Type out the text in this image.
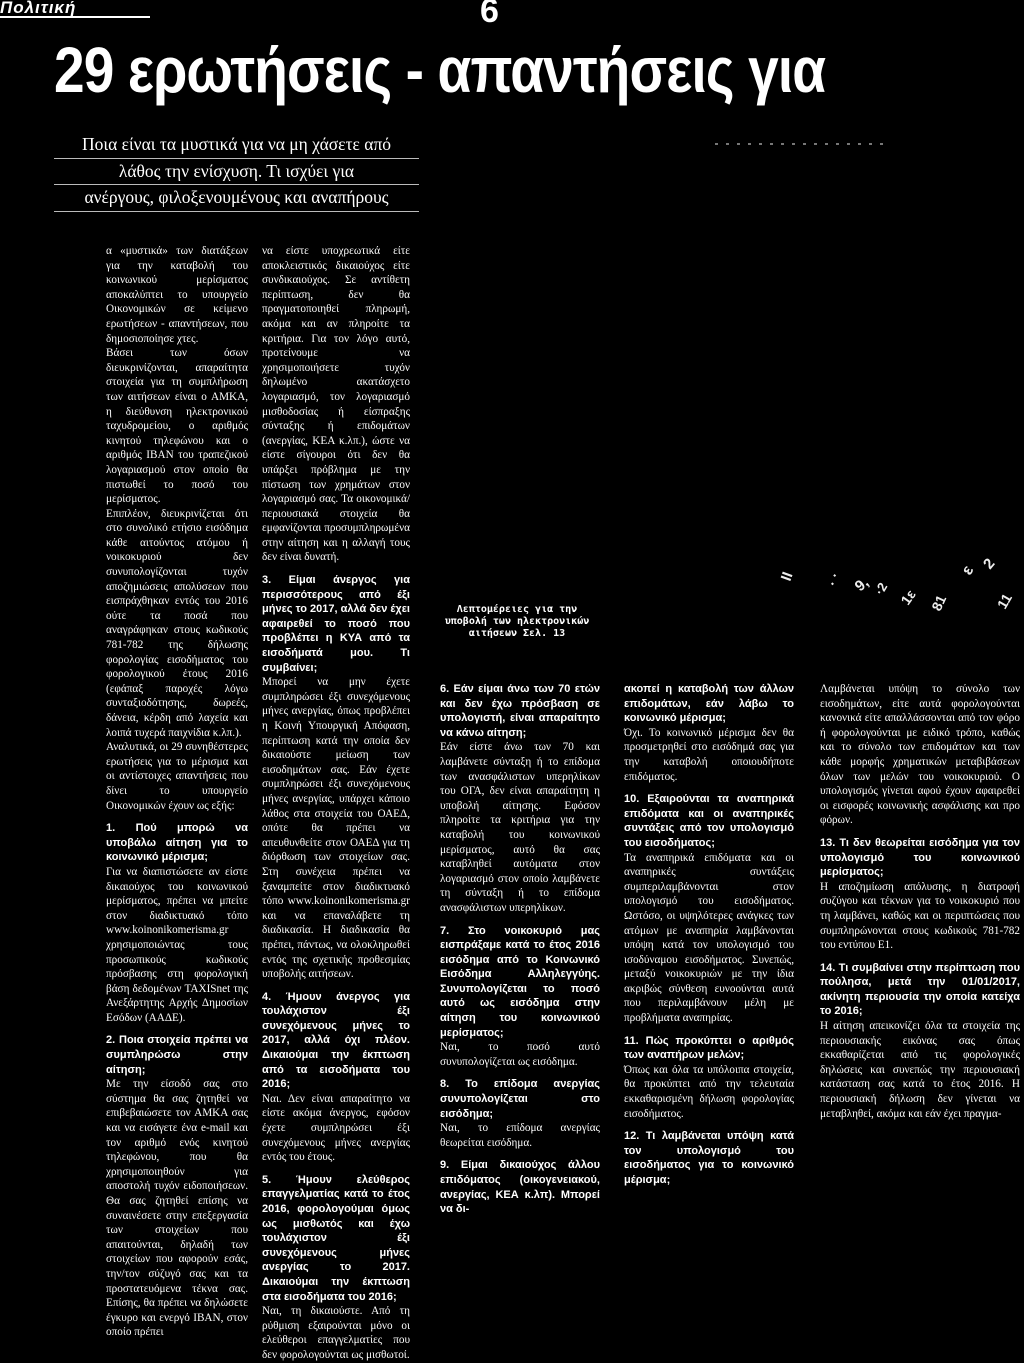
Πολιτική	6
29 ερωτήσεις - απαντήσεις για
Ποια είναι τα μυστικά για να μη χάσετε από
λάθος την ενίσχυση. Τι ισχύει για
ανέργους, φιλοξενουμένους και αναπήρους
ΙΙ . · 9, ·2 1ε 81
ε 2
11
Λεπτομέρειες για την υποβολή των ηλεκτρονικών αιτήσεων Σελ. 13

α «μυστικά» των διατάξεων για την καταβολή του κοινωνικού μερίσματος αποκαλύπτει το υπουργείο Οικονομικών σε κείμενο ερωτήσεων - απαντήσεων, που δημοσιοποίησε χτες.

Βάσει των όσων διευκρινίζονται, απαραίτητα στοιχεία για τη συμπλήρωση των αιτήσεων είναι ο ΑΜΚΑ, η διεύθυνση ηλεκτρονικού ταχυδρομείου, ο αριθμός κινητού τηλεφώνου και ο αριθμός IBAN του τραπεζικού λογαριασμού στον οποίο θα πιστωθεί το ποσό του μερίσματος.

Επιπλέον, διευκρινίζεται ότι στο συνολικό ετήσιο εισόδημα κάθε αιτούντος ατόμου ή νοικοκυριού δεν συνυπολογίζονται τυχόν αποζημιώσεις απολύσεων που εισπράχθηκαν εντός του 2016 ούτε τα ποσά που αναγράφηκαν στους κωδικούς 781-782 της δήλωσης φορολογίας εισοδήματος του φορολογικού έτους 2016 (εφάπαξ παροχές λόγω συνταξιοδότησης, δωρεές, δάνεια, κέρδη από λαχεία και λοιπά τυχερά παιχνίδια κ.λπ.).

Αναλυτικά, οι 29 συνηθέστερες ερωτήσεις για το μέρισμα και οι αντίστοιχες απαντήσεις που δίνει το υπουργείο Οικονομικών έχουν ως εξής:

1. Πού μπορώ να υποβάλω αίτηση για το κοινωνικό μέρισμα;

Για να διαπιστώσετε αν είστε δικαιούχος του κοινωνικού μερίσματος, πρέπει να μπείτε στον διαδικτυακό τόπο www.koinonikomerisma.gr χρησιμοποιώντας τους προσωπικούς κωδικούς πρόσβασης στη φορολογική βάση δεδομένων TAXISnet της Ανεξάρτητης Αρχής Δημοσίων Εσόδων (ΑΑΔΕ).

2. Ποια στοιχεία πρέπει να συμπληρώσω στην αίτηση;

Με την είσοδό σας στο σύστημα θα σας ζητηθεί να επιβεβαιώσετε τον ΑΜΚΑ σας και να εισάγετε ένα e-mail και τον αριθμό ενός κινητού τηλεφώνου, που θα χρησιμοποιηθούν για αποστολή τυχόν ειδοποιήσεων. Θα σας ζητηθεί επίσης να συναινέσετε στην επεξεργασία των στοιχείων που απαιτούνται, δηλαδή των στοιχείων που αφορούν εσάς, την/τον σύζυγό σας και τα προστατευόμενα τέκνα σας. Επίσης, θα πρέπει να δηλώσετε έγκυρο και ενεργό IBAN, στον οποίο πρέπει

να είστε υποχρεωτικά είτε αποκλειστικός δικαιούχος είτε συνδικαιούχος. Σε αντίθετη περίπτωση, δεν θα πραγματοποιηθεί πληρωμή, ακόμα και αν πληροίτε τα κριτήρια. Για τον λόγο αυτό, προτείνουμε να χρησιμοποιήσετε τυχόν δηλωμένο ακατάσχετο λογαριασμό, τον λογαριασμό μισθοδοσίας ή είσπραξης σύνταξης ή επιδομάτων (ανεργίας, ΚΕΑ κ.λπ.), ώστε να είστε σίγουροι ότι δεν θα υπάρξει πρόβλημα με την πίστωση των χρημάτων στον λογαριασμό σας. Τα οικονομικά/περιουσιακά στοιχεία θα εμφανίζονται προσυμπληρωμένα στην αίτηση και η αλλαγή τους δεν είναι δυνατή.

3. Είμαι άνεργος για περισσότερους από έξι μήνες το 2017, αλλά δεν έχει αφαιρεθεί το ποσό που προβλέπει η ΚΥΑ από τα εισοδήματά μου. Τι συμβαίνει;

Μπορεί να μην έχετε συμπληρώσει έξι συνεχόμενους μήνες ανεργίας, όπως προβλέπει η Κοινή Υπουργική Απόφαση, περίπτωση κατά την οποία δεν δικαιούστε μείωση των εισοδημάτων σας. Εάν έχετε συμπληρώσει έξι συνεχόμενους μήνες ανεργίας, υπάρχει κάποιο λάθος στα στοιχεία του ΟΑΕΔ, οπότε θα πρέπει να απευθυνθείτε στον ΟΑΕΔ για τη διόρθωση των στοιχείων σας. Στη συνέχεια πρέπει να ξαναμπείτε στον διαδικτυακό τόπο www.koinonikomerisma.gr και να επαναλάβετε τη διαδικασία. Η διαδικασία θα πρέπει, πάντως, να ολοκληρωθεί εντός της σχετικής προθεσμίας υποβολής αιτήσεων.

4. Ήμουν άνεργος για τουλάχιστον έξι συνεχόμενους μήνες το 2017, αλλά όχι πλέον. Δικαιούμαι την έκπτωση από τα εισοδήματα του 2016;

Ναι. Δεν είναι απαραίτητο να είστε ακόμα άνεργος, εφόσον έχετε συμπληρώσει έξι συνεχόμενους μήνες ανεργίας εντός του έτους.

5. Ήμουν ελεύθερος επαγγελματίας κατά το έτος 2016, φορολογούμαι όμως ως μισθωτός και έχω τουλάχιστον έξι συνεχόμενους μήνες ανεργίας το 2017. Δικαιούμαι την έκπτωση στα εισοδήματα του 2016;

Ναι, τη δικαιούστε. Από τη ρύθμιση εξαιρούνται μόνο οι ελεύθεροι επαγγελματίες που δεν φορολογούνται ως μισθωτοί.

6. Εάν είμαι άνω των 70 ετών και δεν έχω πρόσβαση σε υπολογιστή, είναι απαραίτητο να κάνω αίτηση;

Εάν είστε άνω των 70 και λαμβάνετε σύνταξη ή το επίδομα των ανασφάλιστων υπερηλίκων του ΟΓΑ, δεν είναι απαραίτητη η υποβολή αίτησης. Εφόσον πληροίτε τα κριτήρια για την καταβολή του κοινωνικού μερίσματος, αυτό θα σας καταβληθεί αυτόματα στον λογαριασμό στον οποίο λαμβάνετε τη σύνταξη ή το επίδομα ανασφάλιστων υπερηλίκων.

7. Στο νοικοκυριό μας εισπράξαμε κατά το έτος 2016 εισόδημα από το Κοινωνικό Εισόδημα Αλληλεγγύης. Συνυπολογίζεται το ποσό αυτό ως εισόδημα στην αίτηση του κοινωνικού μερίσματος;

Ναι, το ποσό αυτό συνυπολογίζεται ως εισόδημα.

8. Το επίδομα ανεργίας συνυπολογίζεται στο εισόδημα;

Ναι, το επίδομα ανεργίας θεωρείται εισόδημα.

9. Είμαι δικαιούχος άλλου επιδόματος (οικογενειακού, ανεργίας, ΚΕΑ κ.λπ). Μπορεί να δι-

ακοπεί η καταβολή των άλλων επιδομάτων, εάν λάβω το κοινωνικό μέρισμα;

Όχι. Το κοινωνικό μέρισμα δεν θα προσμετρηθεί στο εισόδημά σας για την καταβολή οποιουδήποτε επιδόματος.

10. Εξαιρούνται τα αναπηρικά επιδόματα και οι αναπηρικές συντάξεις από τον υπολογισμό του εισοδήματος;

Τα αναπηρικά επιδόματα και οι αναπηρικές συντάξεις συμπεριλαμβάνονται στον υπολογισμό του εισοδήματος. Ωστόσο, οι υψηλότερες ανάγκες των ατόμων με αναπηρία λαμβάνονται υπόψη κατά τον υπολογισμό του ισοδύναμου εισοδήματος. Συνεπώς, μεταξύ νοικοκυριών με την ίδια ακριβώς σύνθεση ευνοούνται αυτά που περιλαμβάνουν μέλη με προβλήματα αναπηρίας.

11. Πώς προκύπτει ο αριθμός των αναπήρων μελών;

Όπως και όλα τα υπόλοιπα στοιχεία, θα προκύπτει από την τελευταία εκκαθαρισμένη δήλωση φορολογίας εισοδήματος.

12. Τι λαμβάνεται υπόψη κατά τον υπολογισμό του εισοδήματος για το κοινωνικό μέρισμα;

Λαμβάνεται υπόψη το σύνολο των εισοδημάτων, είτε αυτά φορολογούνται κανονικά είτε απαλλάσσονται από τον φόρο ή φορολογούνται με ειδικό τρόπο, καθώς και το σύνολο των επιδομάτων και των κάθε μορφής χρηματικών μεταβιβάσεων όλων των μελών του νοικοκυριού. Ο υπολογισμός γίνεται αφού έχουν αφαιρεθεί οι εισφορές κοινωνικής ασφάλισης και προ φόρων.

13. Τι δεν θεωρείται εισόδημα για τον υπολογισμό του κοινωνικού μερίσματος;

Η αποζημίωση απόλυσης, η διατροφή συζύγου και τέκνων για το νοικοκυριό που τη λαμβάνει, καθώς και οι περιπτώσεις που συμπληρώνονται στους κωδικούς 781-782 του εντύπου Ε1.

14. Τι συμβαίνει στην περίπτωση που πούλησα, μετά την 01/01/2017, ακίνητη περιουσία την οποία κατείχα το 2016;

Η αίτηση απεικονίζει όλα τα στοιχεία της περιουσιακής εικόνας σας όπως εκκαθαρίζεται από τις φορολογικές δηλώσεις και συνεπώς την περιουσιακή κατάσταση σας κατά το έτος 2016. Η περιουσιακή δήλωση δεν γίνεται να μεταβληθεί, ακόμα και εάν έχει πραγμα-
